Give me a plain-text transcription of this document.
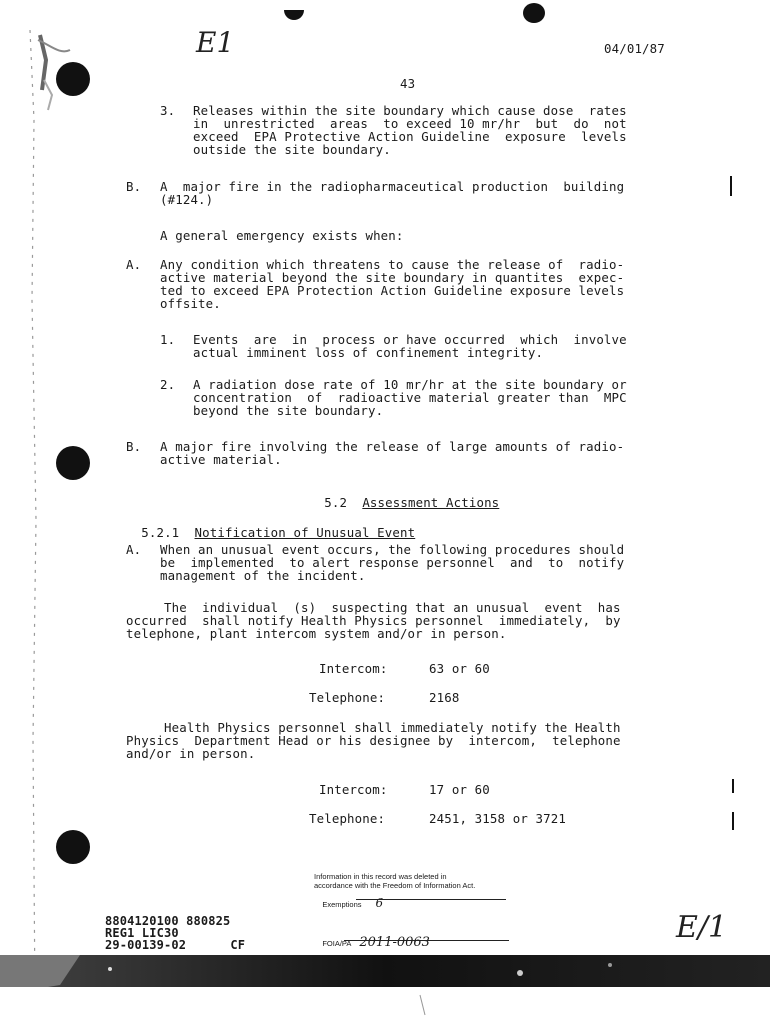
E1	04/01/87
43
3. Releases within the site boundary which cause dose  rates
in  unrestricted  areas  to exceed 10 mr/hr  but  do  not
exceed  EPA Protective Action Guideline  exposure  levels
outside the site boundary.
B. A  major fire in the radiopharmaceutical production  building
(#124.)
A general emergency exists when:
A. Any condition which threatens to cause the release of  radio-
active material beyond the site boundary in quantites  expec-
ted to exceed EPA Protection Action Guideline exposure levels
offsite.
1. Events  are  in  process or have occurred  which  involve
actual imminent loss of confinement integrity.
2. A radiation dose rate of 10 mr/hr at the site boundary or
concentration  of  radioactive material greater than  MPC
beyond the site boundary.
B. A major fire involving the release of large amounts of radio-
active material.

5.2 Assessment Actions

5.2.1 Notification of Unusual Event

A. When an unusual event occurs, the following procedures should
be  implemented  to alert response personnel  and  to  notify
management of the incident.
The  individual  (s)  suspecting that an unusual  event  has
occurred  shall notify Health Physics personnel  immediately,  by
telephone, plant intercom system and/or in person.
Intercom:	63 or 60
Telephone:	2168
Health Physics personnel shall immediately notify the Health
Physics  Department Head or his designee by  intercom,  telephone
and/or in person.
Intercom:	17 or 60
Telephone:	2451, 3158 or 3721
Information in this record was deleted in
accordance with the Freedom of Information Act.

Exemptions 6

FOIA/PA 2011-0063

8804120100 880825
REG1 LIC30
29-00139-02      CF	E/1
